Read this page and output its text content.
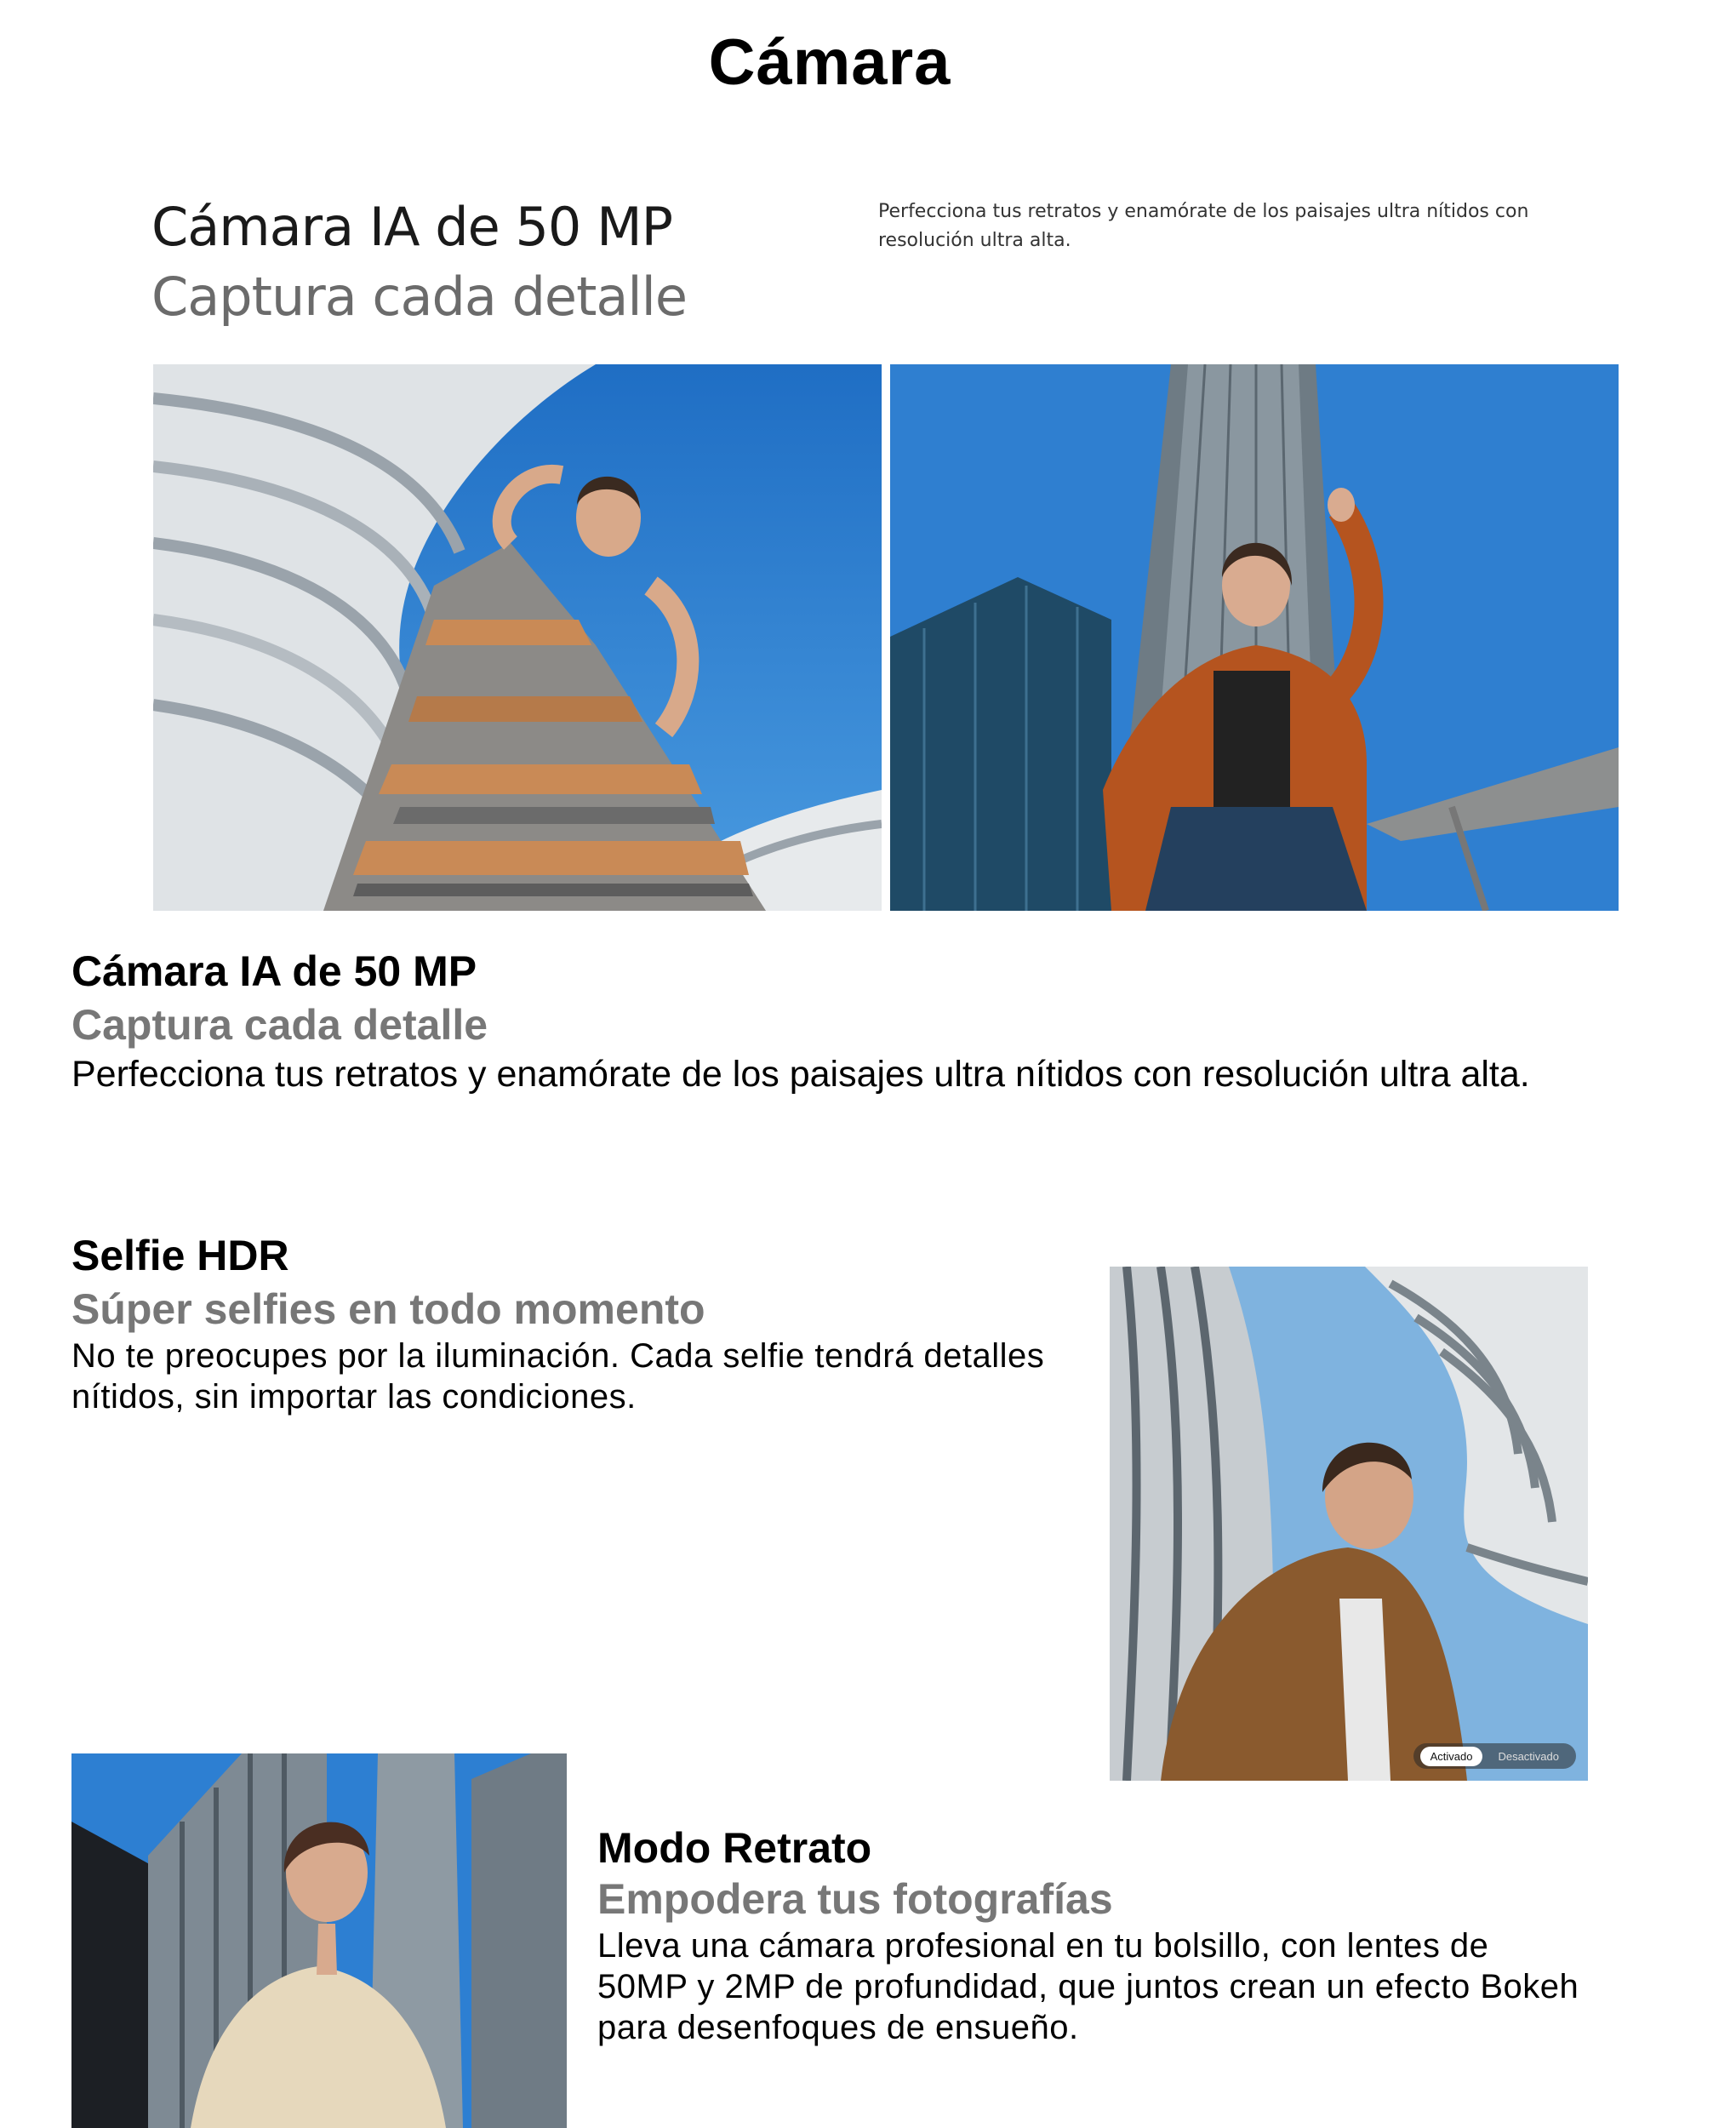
Cámara

Cámara IA de 50 MP

Captura cada detalle

Perfecciona tus retratos y enamórate de los paisajes ultra nítidos con resolución ultra alta.

Cámara IA de 50 MP

Captura cada detalle

Perfecciona tus retratos y enamórate de los paisajes ultra nítidos con resolución ultra alta.

Selfie HDR

Súper selfies en todo momento

No te preocupes por la iluminación. Cada selfie tendrá detalles nítidos, sin importar las condiciones.

Activado	Desactivado

Modo Retrato

Empodera tus fotografías

Lleva una cámara profesional en tu bolsillo, con lentes de 50MP y 2MP de profundidad, que juntos crean un efecto Bokeh para desenfoques de ensueño.
